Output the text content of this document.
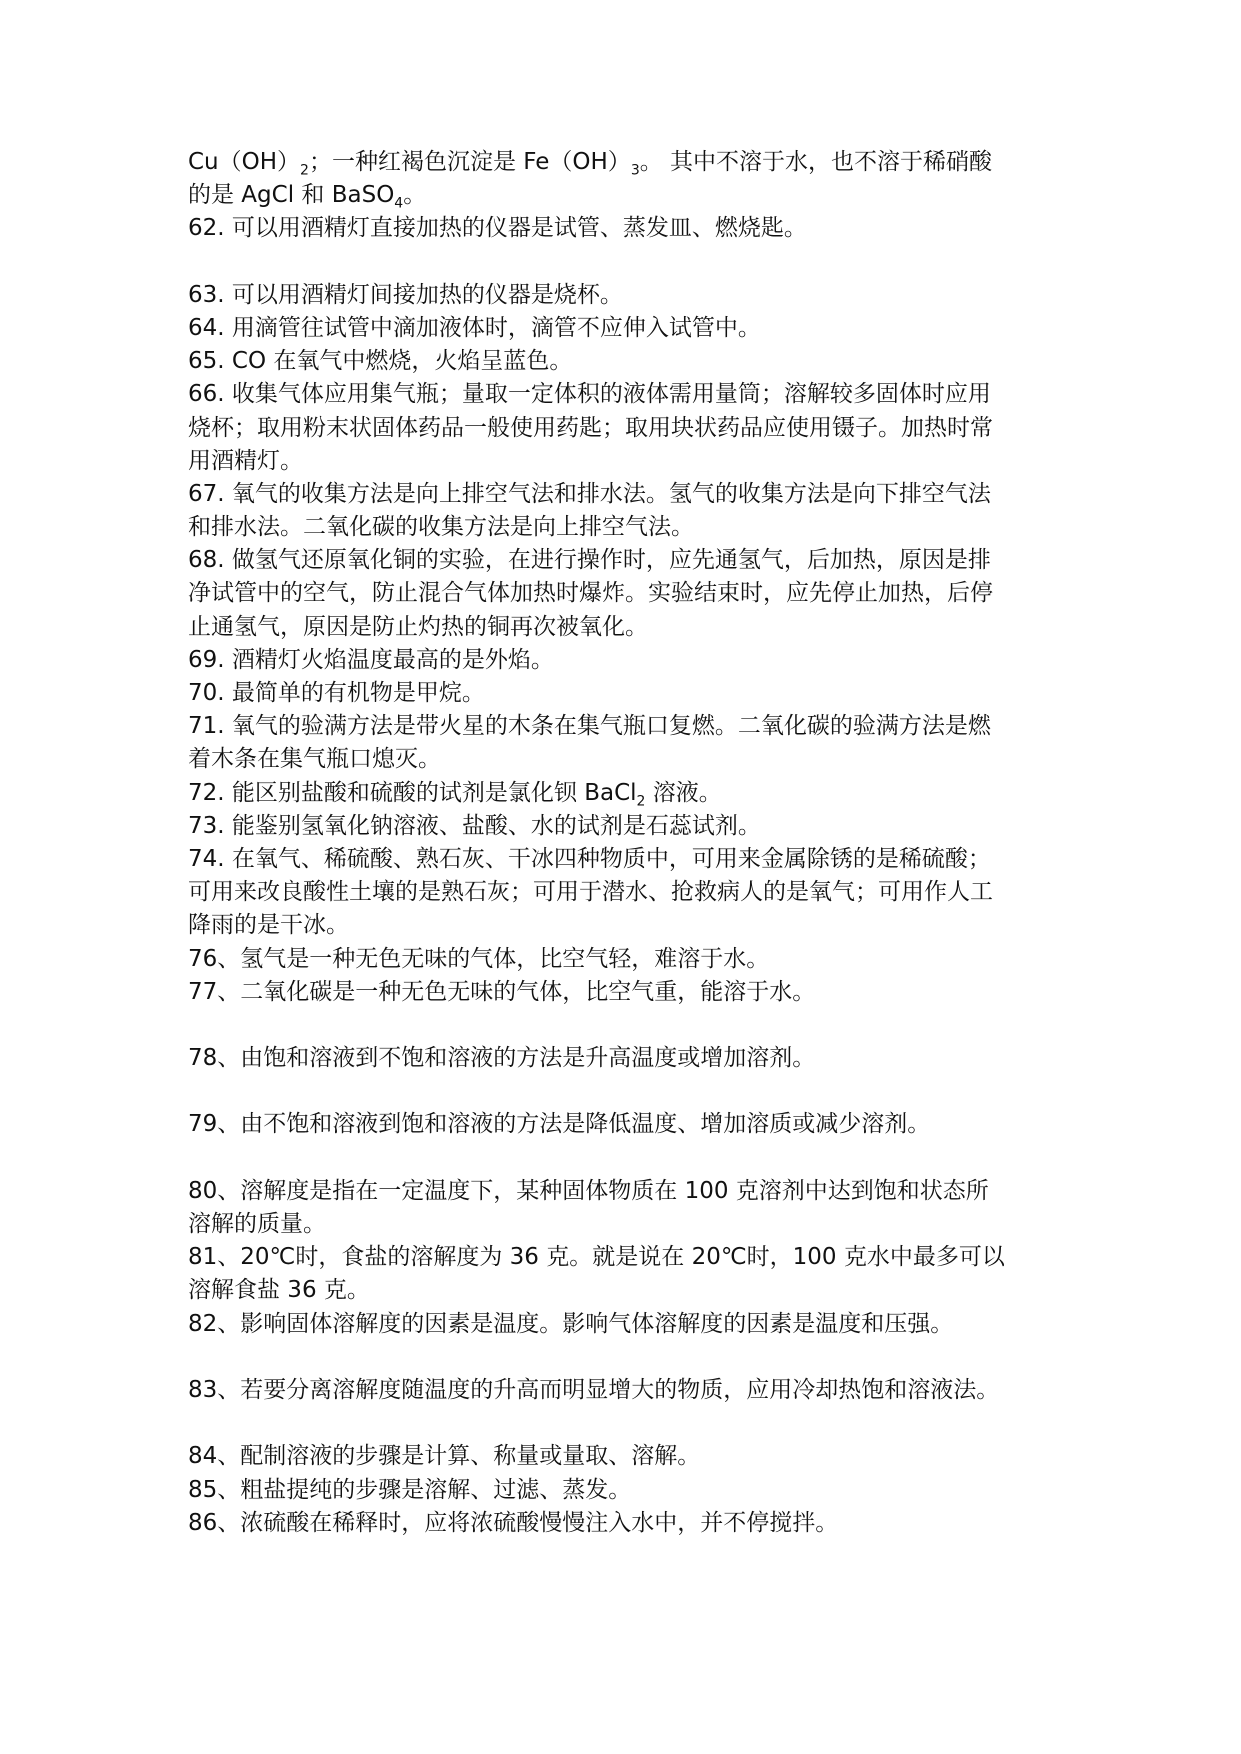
$Cu(OH)_2$；一种红褐色沉淀是 $Fe(OH)_3$。 其中不溶于水，也不溶于稀硝酸
的是 AgCl 和 BaSO$_4$。
62. 可以用酒精灯直接加热的仪器是试管、蒸发皿、燃烧匙。
63. 可以用酒精灯间接加热的仪器是烧杯。
64. 用滴管往试管中滴加液体时，滴管不应伸入试管中。
65. CO 在氧气中燃烧，火焰呈蓝色。
66. 收集气体应用集气瓶；量取一定体积的液体需用量筒；溶解较多固体时应用
烧杯；取用粉末状固体药品一般使用药匙；取用块状药品应使用镊子。加热时常
用酒精灯。
67. 氧气的收集方法是向上排空气法和排水法。氢气的收集方法是向下排空气法
和排水法。二氧化碳的收集方法是向上排空气法。
68. 做氢气还原氧化铜的实验，在进行操作时，应先通氢气，后加热，原因是排
净试管中的空气，防止混合气体加热时爆炸。实验结束时，应先停止加热，后停
止通氢气，原因是防止灼热的铜再次被氧化。
69. 酒精灯火焰温度最高的是外焰。
70. 最简单的有机物是甲烷。
71. 氧气的验满方法是带火星的木条在集气瓶口复燃。二氧化碳的验满方法是燃
着木条在集气瓶口熄灭。
72. 能区别盐酸和硫酸的试剂是氯化钡 BaCl$_2$ 溶液。
73. 能鉴别氢氧化钠溶液、盐酸、水的试剂是石蕊试剂。
74. 在氧气、稀硫酸、熟石灰、干冰四种物质中，可用来金属除锈的是稀硫酸；
可用来改良酸性土壤的是熟石灰；可用于潜水、抢救病人的是氧气；可用作人工
降雨的是干冰。
76、氢气是一种无色无味的气体，比空气轻，难溶于水。
77、二氧化碳是一种无色无味的气体，比空气重，能溶于水。
78、由饱和溶液到不饱和溶液的方法是升高温度或增加溶剂。
79、由不饱和溶液到饱和溶液的方法是降低温度、增加溶质或减少溶剂。
80、溶解度是指在一定温度下，某种固体物质在 100 克溶剂中达到饱和状态所
溶解的质量。
81、20℃时，食盐的溶解度为 36 克。就是说在 20℃时，100 克水中最多可以
溶解食盐 36 克。
82、影响固体溶解度的因素是温度。影响气体溶解度的因素是温度和压强。
83、若要分离溶解度随温度的升高而明显增大的物质，应用冷却热饱和溶液法。
84、配制溶液的步骤是计算、称量或量取、溶解。
85、粗盐提纯的步骤是溶解、过滤、蒸发。
86、浓硫酸在稀释时，应将浓硫酸慢慢注入水中，并不停搅拌。
